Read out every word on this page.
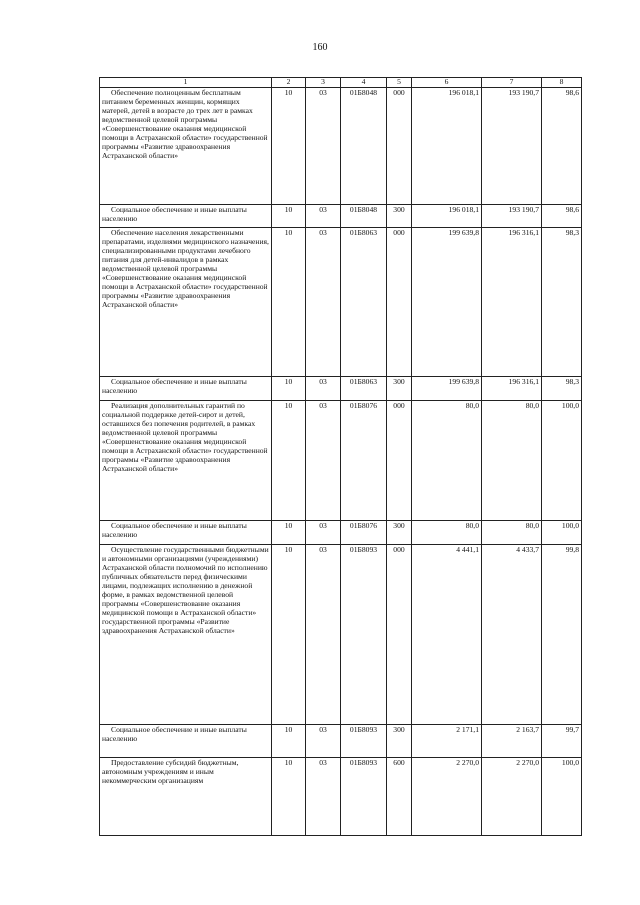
160
1	2	3	4	5	6	7	8
Обеспечение полноценным бесплатным питанием беременных женщин, кормящих матерей, детей в возрасте до трех лет в рамках ведомственной целевой программы «Совершенствование оказания медицинской помощи в Астраханской области» государственной программы «Развитие здравоохранения Астраханской области»	10	03	01Б8048	000	196 018,1	193 190,7	98,6
Социальное обеспечение и иные выплаты населению	10	03	01Б8048	300	196 018,1	193 190,7	98,6
Обеспечение населения лекарственными препаратами, изделиями медицинского назначения, специализированными продуктами лечебного питания для детей-инвалидов в рамках ведомственной целевой программы «Совершенствование оказания медицинской помощи в Астраханской области» государственной программы «Развитие здравоохранения Астраханской области»	10	03	01Б8063	000	199 639,8	196 316,1	98,3
Социальное обеспечение и иные выплаты населению	10	03	01Б8063	300	199 639,8	196 316,1	98,3
Реализация дополнительных гарантий по социальной поддержке детей-сирот и детей, оставшихся без попечения родителей, в рамках ведомственной целевой программы «Совершенствование оказания медицинской помощи в Астраханской области» государственной программы «Развитие здравоохранения Астраханской области»	10	03	01Б8076	000	80,0	80,0	100,0
Социальное обеспечение и иные выплаты населению	10	03	01Б8076	300	80,0	80,0	100,0
Осуществление государственными бюджетными и автономными организациями (учреждениями) Астраханской области полномочий по исполнению публичных обязательств перед физическими лицами, подлежащих исполнению в денежной форме, в рамках ведомственной целевой программы «Совершенствование оказания медицинской помощи в Астраханской области» государственной программы «Развитие здравоохранения Астраханской области»	10	03	01Б8093	000	4 441,1	4 433,7	99,8
Социальное обеспечение и иные выплаты населению	10	03	01Б8093	300	2 171,1	2 163,7	99,7
Предоставление субсидий бюджетным, автономным учреждениям и иным некоммерческим организациям	10	03	01Б8093	600	2 270,0	2 270,0	100,0
